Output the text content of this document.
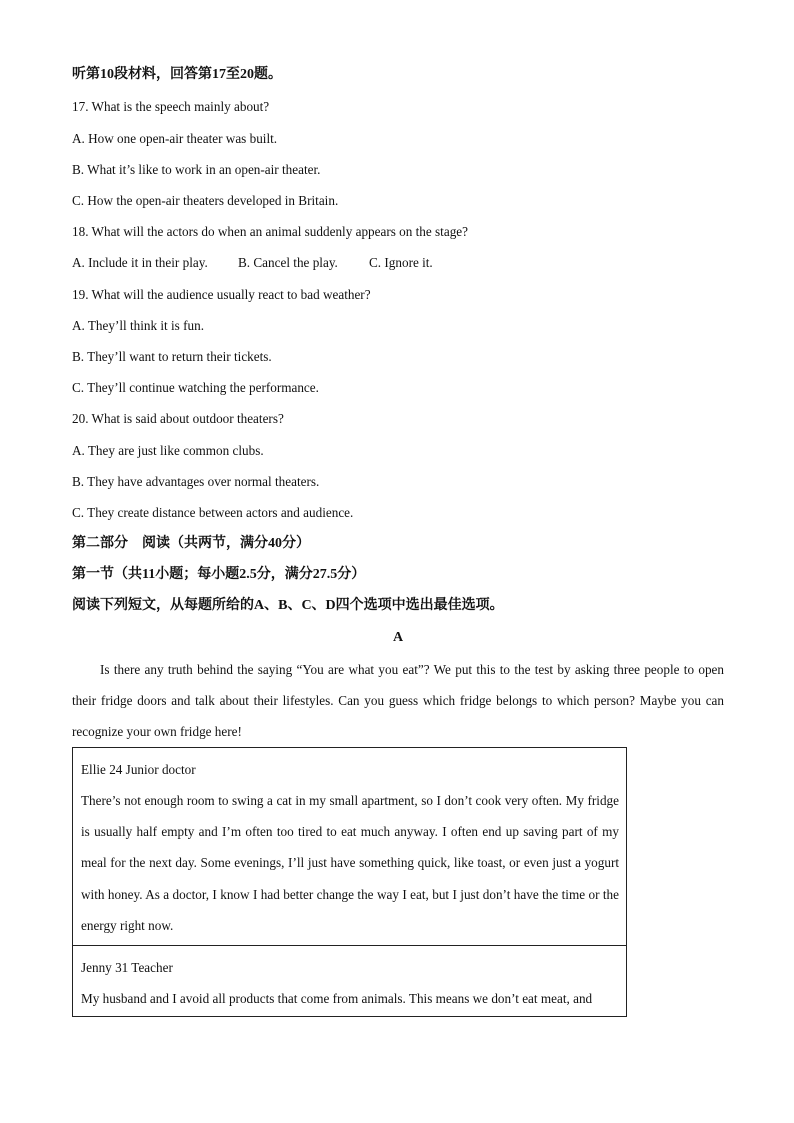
听第10段材料，回答第17至20题。
17. What is the speech mainly about?
A. How one open-air theater was built.
B. What it’s like to work in an open-air theater.
C. How the open-air theaters developed in Britain.
18. What will the actors do when an animal suddenly appears on the stage?
A. Include it in their play. B. Cancel the play. C. Ignore it.
19. What will the audience usually react to bad weather?
A. They’ll think it is fun.
B. They’ll want to return their tickets.
C. They’ll continue watching the performance.
20. What is said about outdoor theaters?
A. They are just like common clubs.
B. They have advantages over normal theaters.
C. They create distance between actors and audience.
第二部分　阅读（共两节，满分40分）
第一节（共11小题；每小题2.5分，满分27.5分）
阅读下列短文，从每题所给的A、B、C、D四个选项中选出最佳选项。
A
Is there any truth behind the saying “You are what you eat”? We put this to the test by asking three people to open their fridge doors and talk about their lifestyles. Can you guess which fridge belongs to which person? Maybe you can recognize your own fridge here!
Ellie 24 Junior doctor
There’s not enough room to swing a cat in my small apartment, so I don’t cook very often. My fridge is usually half empty and I’m often too tired to eat much anyway. I often end up saving part of my meal for the next day. Some evenings, I’ll just have something quick, like toast, or even just a yogurt with honey. As a doctor, I know I had better change the way I eat, but I just don’t have the time or the energy right now.
Jenny 31 Teacher
My husband and I avoid all products that come from animals. This means we don’t eat meat, and
